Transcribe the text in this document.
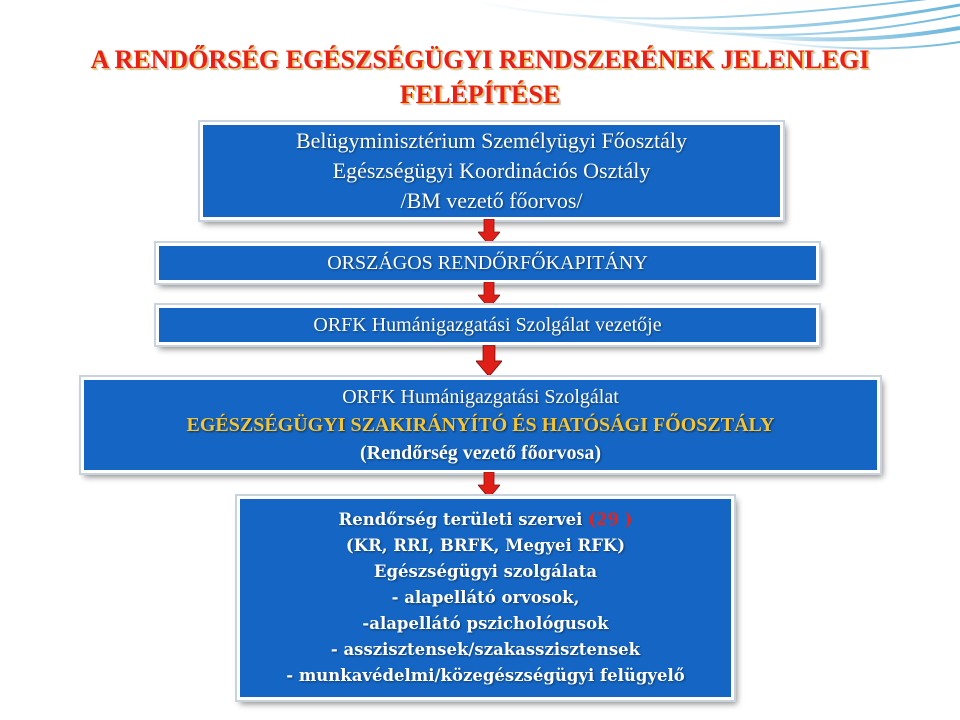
A RENDŐRSÉG EGÉSZSÉGÜGYI RENDSZERÉNEK JELENLEGI
FELÉPÍTÉSE
Belügyminisztérium Személyügyi Főosztály
Egészségügyi Koordinációs Osztály
/BM vezető főorvos/
ORSZÁGOS RENDŐRFŐKAPITÁNY
ORFK Humánigazgatási Szolgálat vezetője
ORFK Humánigazgatási Szolgálat
EGÉSZSÉGÜGYI SZAKIRÁNYÍTÓ ÉS HATÓSÁGI FŐOSZTÁLY
(Rendőrség vezető főorvosa)
Rendőrség területi szervei (29 )
(KR, RRI, BRFK, Megyei RFK)
Egészségügyi szolgálata
- alapellátó orvosok,
-alapellátó pszichológusok
- asszisztensek/szakasszisztensek
- munkavédelmi/közegészségügyi felügyelő
